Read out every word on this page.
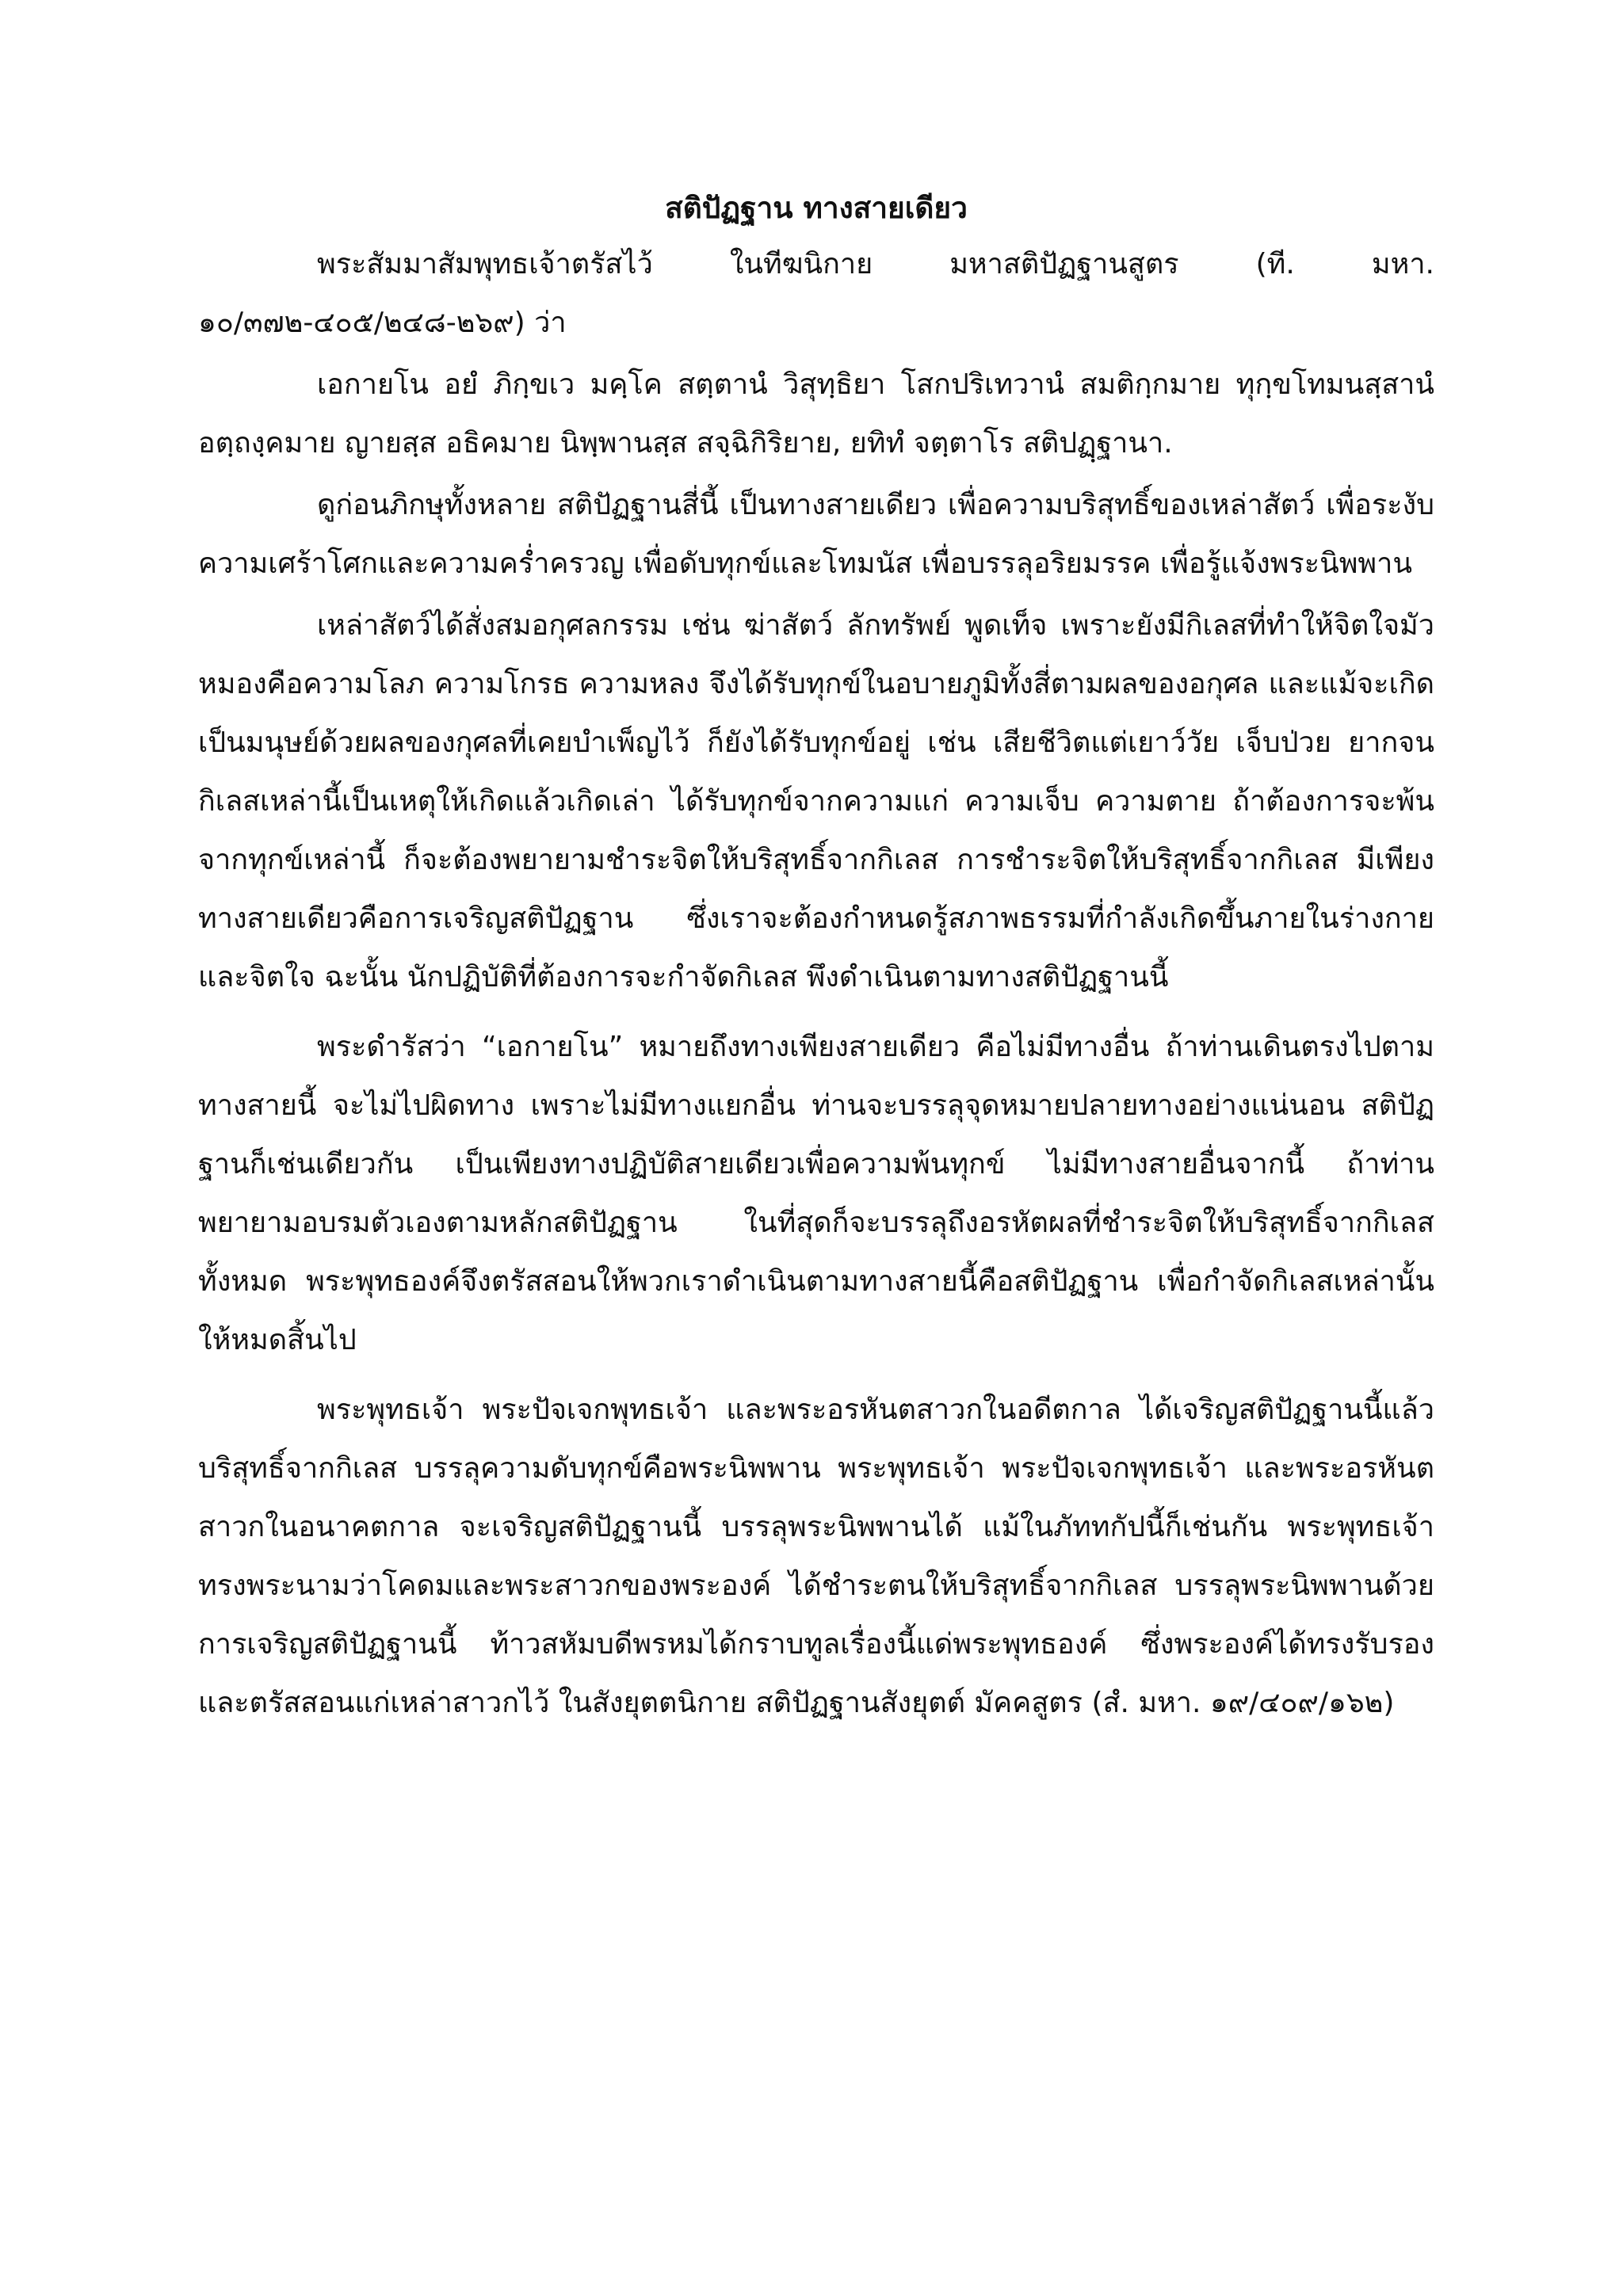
สติปัฏฐาน ทางสายเดียว

พระสัมมาสัมพุทธเจ้าตรัสไว้ ในทีฆนิกาย มหาสติปัฏฐานสูตร (ที. มหา. ๑๐/๓๗๒-๔๐๕/๒๔๘-๒๖๙) ว่า

เอกายโน อยํ ภิกฺขเว มคฺโค สตฺตานํ วิสุทฺธิยา โสกปริเทวานํ สมติกฺกมาย ทุกฺขโทมนสฺสานํ อตฺถงฺคมาย ญายสฺส อธิคมาย นิพฺพานสฺส สจฺฉิกิริยาย, ยทิทํ จตฺตาโร สติปฏฺฐานา.

ดูก่อนภิกษุทั้งหลาย สติปัฏฐานสี่นี้ เป็นทางสายเดียว เพื่อความบริสุทธิ์ของเหล่าสัตว์ เพื่อระงับความเศร้าโศกและความคร่ำครวญ เพื่อดับทุกข์และโทมนัส เพื่อบรรลุอริยมรรค เพื่อรู้แจ้งพระนิพพาน

เหล่าสัตว์ได้สั่งสมอกุศลกรรม เช่น ฆ่าสัตว์ ลักทรัพย์ พูดเท็จ เพราะยังมีกิเลสที่ทำให้จิตใจมัวหมองคือความโลภ ความโกรธ ความหลง จึงได้รับทุกข์ในอบายภูมิทั้งสี่ตามผลของอกุศล และแม้จะเกิดเป็นมนุษย์ด้วยผลของกุศลที่เคยบำเพ็ญไว้ ก็ยังได้รับทุกข์อยู่ เช่น เสียชีวิตแต่เยาว์วัย เจ็บป่วย ยากจน กิเลสเหล่านี้เป็นเหตุให้เกิดแล้วเกิดเล่า ได้รับทุกข์จากความแก่ ความเจ็บ ความตาย ถ้าต้องการจะพ้นจากทุกข์เหล่านี้ ก็จะต้องพยายามชำระจิตให้บริสุทธิ์จากกิเลส การชำระจิตให้บริสุทธิ์จากกิเลส มีเพียงทางสายเดียวคือการเจริญสติปัฏฐาน ซึ่งเราจะต้องกำหนดรู้สภาพธรรมที่กำลังเกิดขึ้นภายในร่างกายและจิตใจ ฉะนั้น นักปฏิบัติที่ต้องการจะกำจัดกิเลส พึงดำเนินตามทางสติปัฏฐานนี้

พระดำรัสว่า “เอกายโน” หมายถึงทางเพียงสายเดียว คือไม่มีทางอื่น ถ้าท่านเดินตรงไปตามทางสายนี้ จะไม่ไปผิดทาง เพราะไม่มีทางแยกอื่น ท่านจะบรรลุจุดหมายปลายทางอย่างแน่นอน สติปัฏฐานก็เช่นเดียวกัน เป็นเพียงทางปฏิบัติสายเดียวเพื่อความพ้นทุกข์ ไม่มีทางสายอื่นจากนี้ ถ้าท่านพยายามอบรมตัวเองตามหลักสติปัฏฐาน ในที่สุดก็จะบรรลุถึงอรหัตผลที่ชำระจิตให้บริสุทธิ์จากกิเลสทั้งหมด พระพุทธองค์จึงตรัสสอนให้พวกเราดำเนินตามทางสายนี้คือสติปัฏฐาน เพื่อกำจัดกิเลสเหล่านั้นให้หมดสิ้นไป

พระพุทธเจ้า พระปัจเจกพุทธเจ้า และพระอรหันตสาวกในอดีตกาล ได้เจริญสติปัฏฐานนี้แล้วบริสุทธิ์จากกิเลส บรรลุความดับทุกข์คือพระนิพพาน พระพุทธเจ้า พระปัจเจกพุทธเจ้า และพระอรหันตสาวกในอนาคตกาล จะเจริญสติปัฏฐานนี้ บรรลุพระนิพพานได้ แม้ในภัททกัปนี้ก็เช่นกัน พระพุทธเจ้าทรงพระนามว่าโคดมและพระสาวกของพระองค์ ได้ชำระตนให้บริสุทธิ์จากกิเลส บรรลุพระนิพพานด้วยการเจริญสติปัฏฐานนี้ ท้าวสหัมบดีพรหมได้กราบทูลเรื่องนี้แด่พระพุทธองค์ ซึ่งพระองค์ได้ทรงรับรองและตรัสสอนแก่เหล่าสาวกไว้ ในสังยุตตนิกาย สติปัฏฐานสังยุตต์ มัคคสูตร (สํ. มหา. ๑๙/๔๐๙/๑๖๒)
